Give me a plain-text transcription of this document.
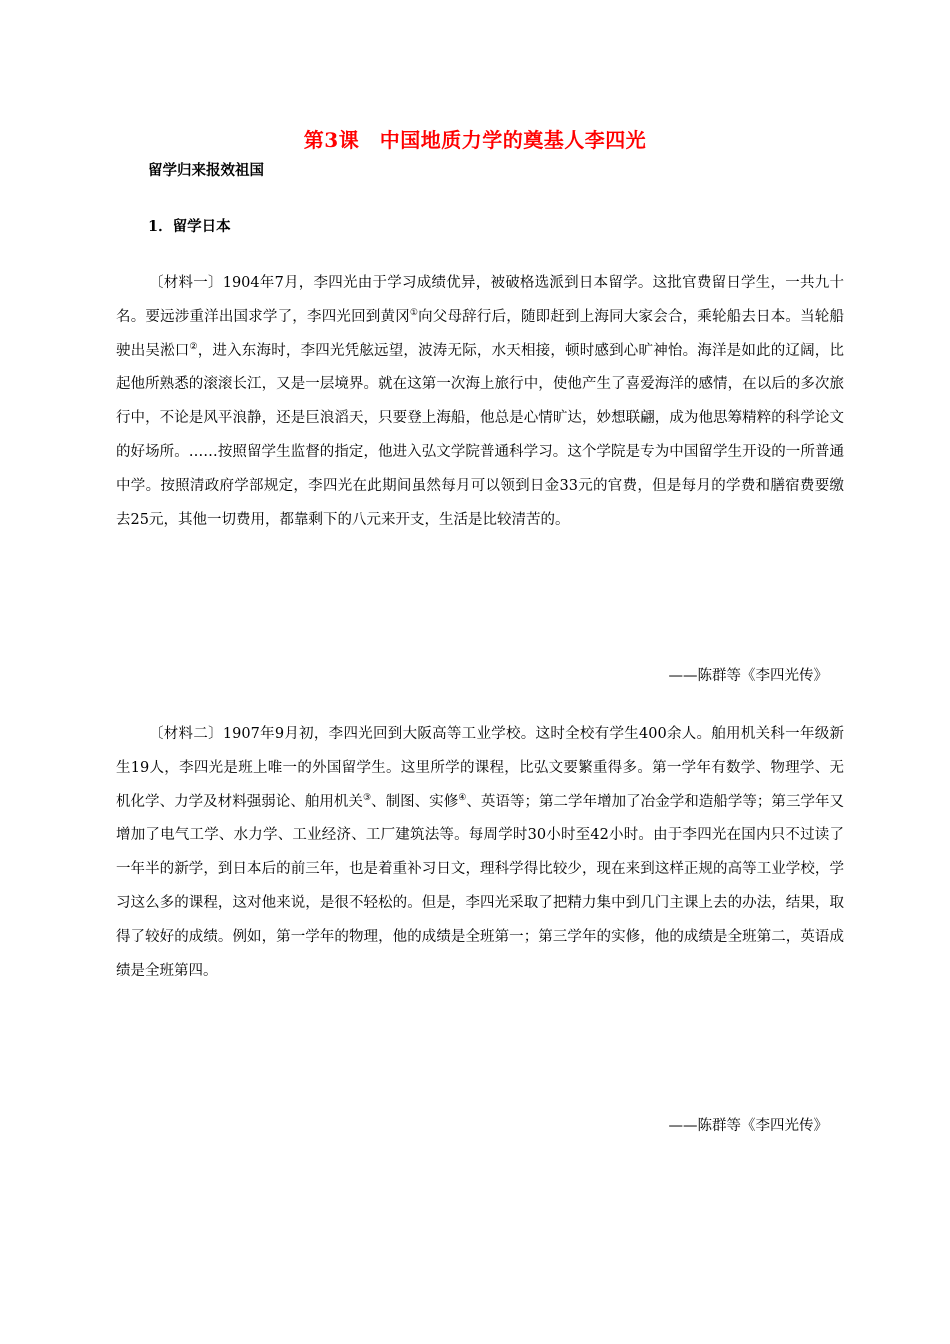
第3课　中国地质力学的奠基人李四光
留学归来报效祖国
1．留学日本

〔材料一〕1904年7月，李四光由于学习成绩优异，被破格选派到日本留学。这批官费留日学生，一共九十名。要远涉重洋出国求学了，李四光回到黄冈①向父母辞行后，随即赶到上海同大家会合，乘轮船去日本。当轮船驶出吴淞口②，进入东海时，李四光凭舷远望，波涛无际，水天相接，顿时感到心旷神怡。海洋是如此的辽阔，比起他所熟悉的滚滚长江，又是一层境界。就在这第一次海上旅行中，使他产生了喜爱海洋的感情，在以后的多次旅行中，不论是风平浪静，还是巨浪滔天，只要登上海船，他总是心情旷达，妙想联翩，成为他思筹精粹的科学论文的好场所。……按照留学生监督的指定，他进入弘文学院普通科学习。这个学院是专为中国留学生开设的一所普通中学。按照清政府学部规定，李四光在此期间虽然每月可以领到日金33元的官费，但是每月的学费和膳宿费要缴去25元，其他一切费用，都靠剩下的八元来开支，生活是比较清苦的。

——陈群等《李四光传》

〔材料二〕1907年9月初，李四光回到大阪高等工业学校。这时全校有学生400余人。舶用机关科一年级新生19人，李四光是班上唯一的外国留学生。这里所学的课程，比弘文要繁重得多。第一学年有数学、物理学、无机化学、力学及材料强弱论、舶用机关③、制图、实修④、英语等；第二学年增加了冶金学和造船学等；第三学年又增加了电气工学、水力学、工业经济、工厂建筑法等。每周学时30小时至42小时。由于李四光在国内只不过读了一年半的新学，到日本后的前三年，也是着重补习日文，理科学得比较少，现在来到这样正规的高等工业学校，学习这么多的课程，这对他来说，是很不轻松的。但是，李四光采取了把精力集中到几门主课上去的办法，结果，取得了较好的成绩。例如，第一学年的物理，他的成绩是全班第一；第三学年的实修，他的成绩是全班第二，英语成绩是全班第四。

——陈群等《李四光传》
